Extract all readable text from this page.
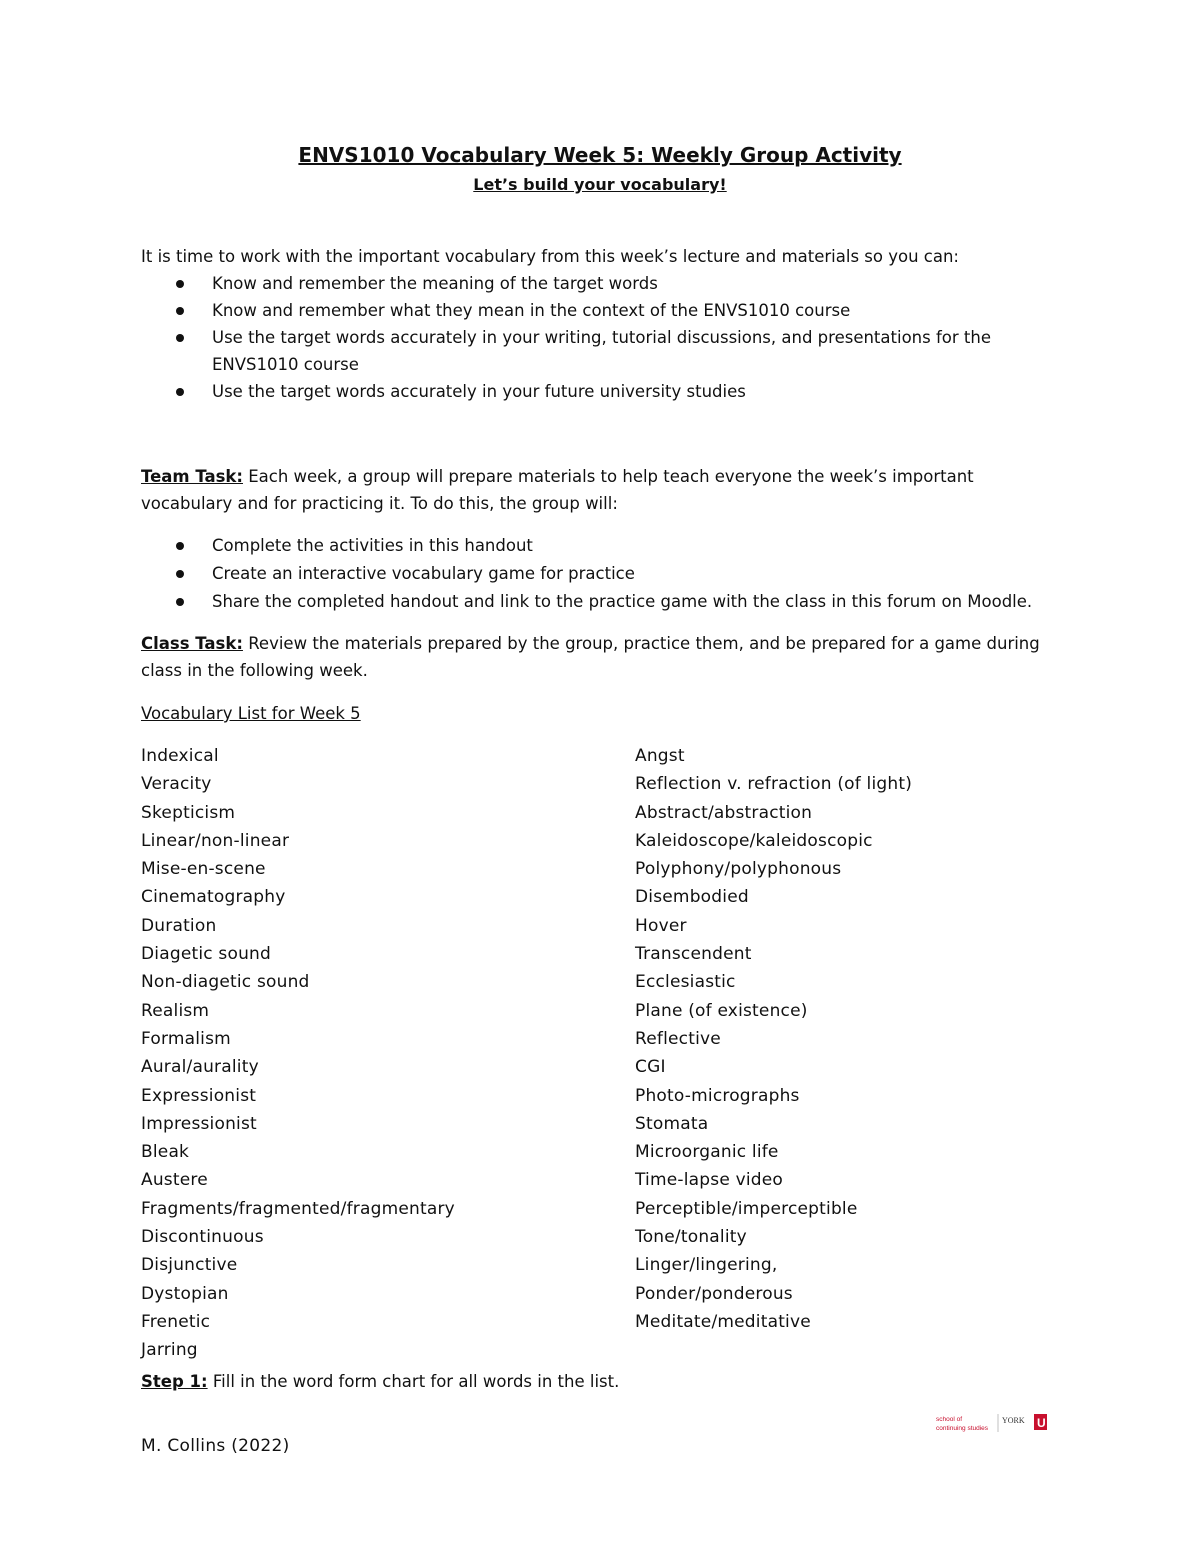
ENVS1010 Vocabulary Week 5: Weekly Group Activity
Let’s build your vocabulary!
It is time to work with the important vocabulary from this week’s lecture and materials so you can:
Know and remember the meaning of the target words
Know and remember what they mean in the context of the ENVS1010 course
Use the target words accurately in your writing, tutorial discussions, and presentations for the ENVS1010 course
Use the target words accurately in your future university studies
Team Task: Each week, a group will prepare materials to help teach everyone the week’s important vocabulary and for practicing it. To do this, the group will:
Complete the activities in this handout
Create an interactive vocabulary game for practice
Share the completed handout and link to the practice game with the class in this forum on Moodle.
Class Task: Review the materials prepared by the group, practice them, and be prepared for a game during class in the following week.
Vocabulary List for Week 5
Indexical
Veracity
Skepticism
Linear/non-linear
Mise-en-scene
Cinematography
Duration
Diagetic sound
Non-diagetic sound
Realism
Formalism
Aural/aurality
Expressionist
Impressionist
Bleak
Austere
Fragments/fragmented/fragmentary
Discontinuous
Disjunctive
Dystopian
Frenetic
Jarring
Angst
Reflection v. refraction (of light)
Abstract/abstraction
Kaleidoscope/kaleidoscopic
Polyphony/polyphonous
Disembodied
Hover
Transcendent
Ecclesiastic
Plane (of existence)
Reflective
CGI
Photo-micrographs
Stomata
Microorganic life
Time-lapse video
Perceptible/imperceptible
Tone/tonality
Linger/lingering,
Ponder/ponderous
Meditate/meditative
Step 1: Fill in the word form chart for all words in the list.
M. Collins (2022)
school of
continuing studies
YORK U
